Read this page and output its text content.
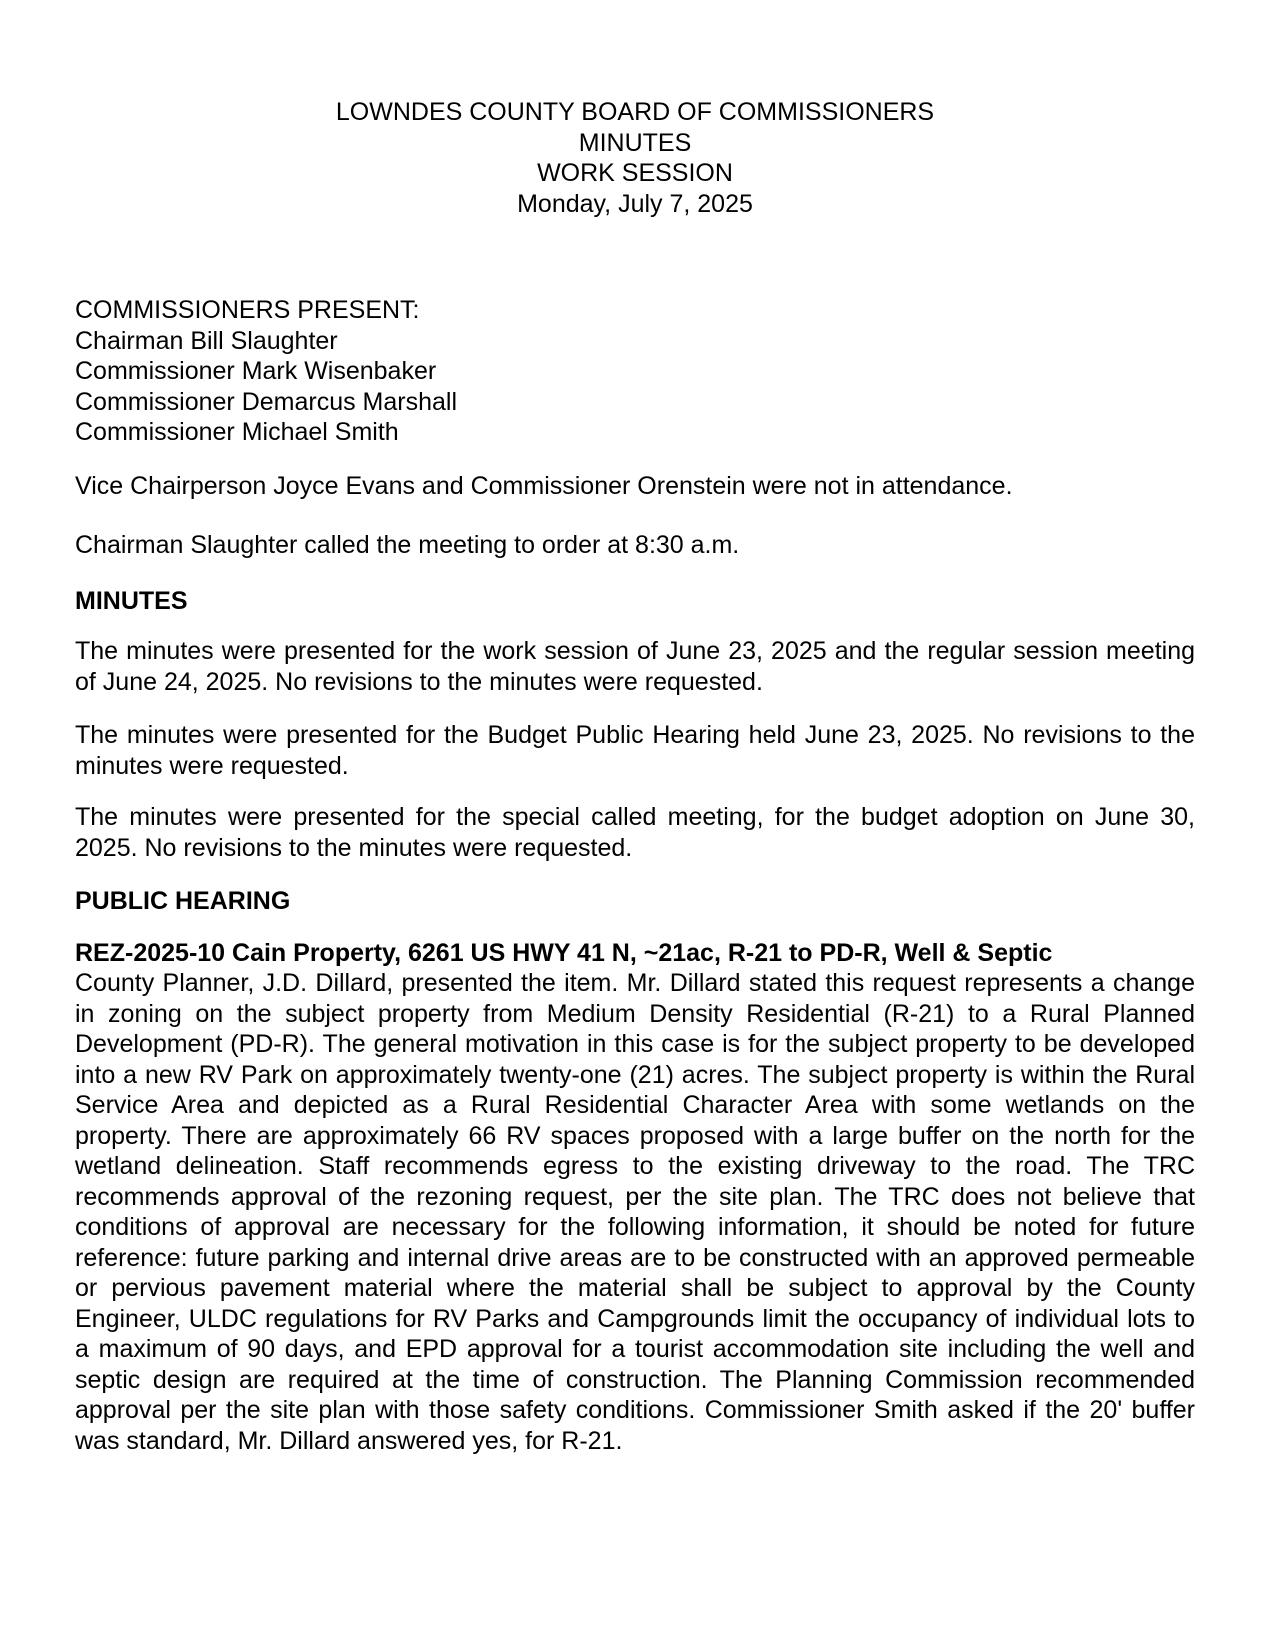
LOWNDES COUNTY BOARD OF COMMISSIONERS
MINUTES
WORK SESSION
Monday, July 7, 2025
COMMISSIONERS PRESENT:
Chairman Bill Slaughter
Commissioner Mark Wisenbaker
Commissioner Demarcus Marshall
Commissioner Michael Smith

Vice Chairperson Joyce Evans and Commissioner Orenstein were not in attendance.

Chairman Slaughter called the meeting to order at 8:30 a.m.

MINUTES

The minutes were presented for the work session of June 23, 2025 and the regular session meeting of June 24, 2025. No revisions to the minutes were requested.

The minutes were presented for the Budget Public Hearing held June 23, 2025. No revisions to the minutes were requested.

The minutes were presented for the special called meeting, for the budget adoption on June 30, 2025. No revisions to the minutes were requested.

PUBLIC HEARING

REZ-2025-10 Cain Property, 6261 US HWY 41 N, ~21ac, R-21 to PD-R, Well & Septic

County Planner, J.D. Dillard, presented the item. Mr. Dillard stated this request represents a change in zoning on the subject property from Medium Density Residential (R-21) to a Rural Planned Development (PD-R). The general motivation in this case is for the subject property to be developed into a new RV Park on approximately twenty-one (21) acres. The subject property is within the Rural Service Area and depicted as a Rural Residential Character Area with some wetlands on the property. There are approximately 66 RV spaces proposed with a large buffer on the north for the wetland delineation. Staff recommends egress to the existing driveway to the road. The TRC recommends approval of the rezoning request, per the site plan. The TRC does not believe that conditions of approval are necessary for the following information, it should be noted for future reference: future parking and internal drive areas are to be constructed with an approved permeable or pervious pavement material where the material shall be subject to approval by the County Engineer, ULDC regulations for RV Parks and Campgrounds limit the occupancy of individual lots to a maximum of 90 days, and EPD approval for a tourist accommodation site including the well and septic design are required at the time of construction. The Planning Commission recommended approval per the site plan with those safety conditions. Commissioner Smith asked if the 20' buffer was standard, Mr. Dillard answered yes, for R-21.
